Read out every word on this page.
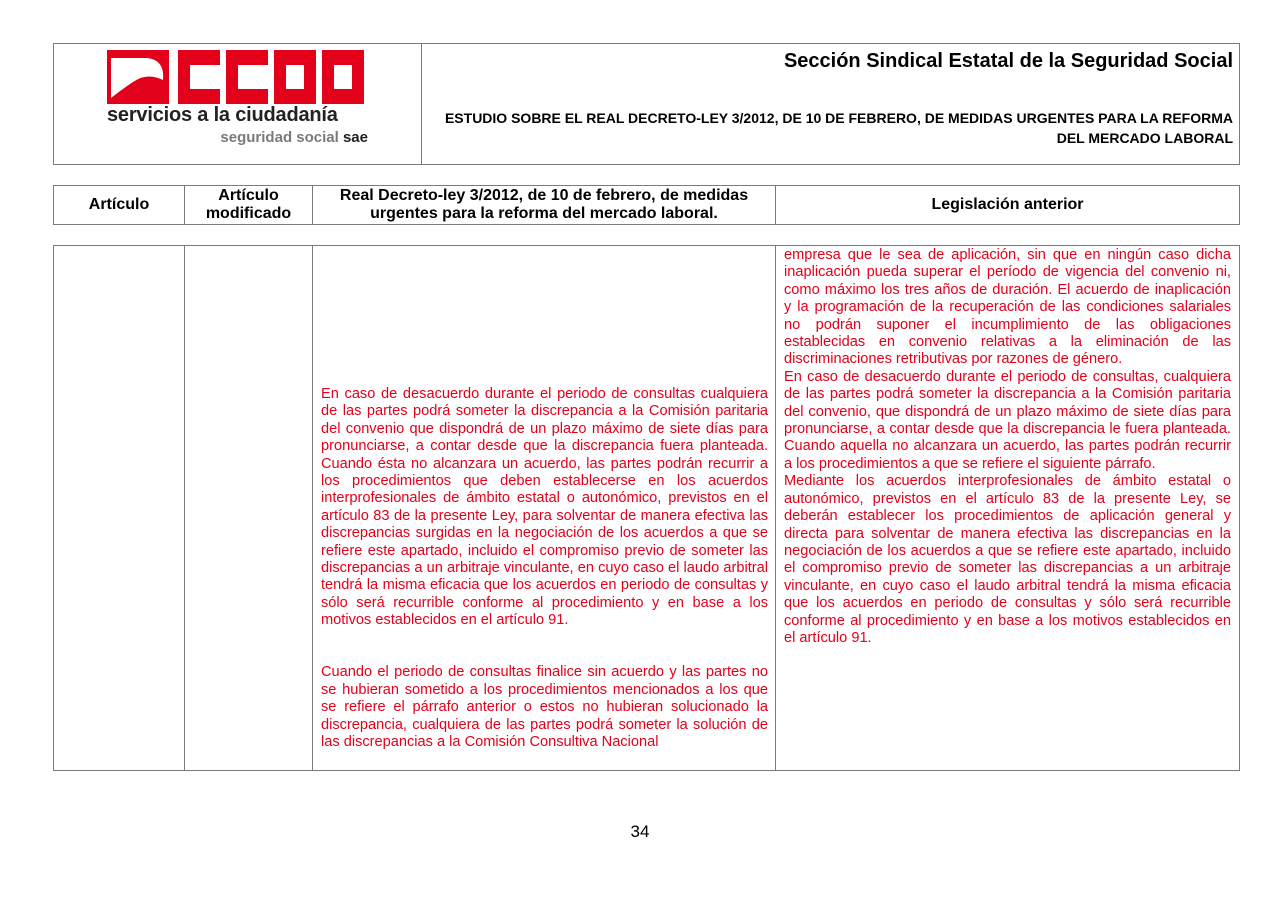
servicios a la ciudadanía
seguridad social sae
Sección Sindical Estatal de la Seguridad Social
ESTUDIO SOBRE EL REAL DECRETO-LEY 3/2012, DE 10 DE FEBRERO, DE MEDIDAS URGENTES PARA LA REFORMA DEL MERCADO LABORAL
Artículo
Artículo modificado
Real Decreto-ley 3/2012, de 10 de febrero, de medidas urgentes para la reforma del mercado laboral.
Legislación anterior

En caso de desacuerdo durante el periodo de consultas cualquiera de las partes podrá someter la discrepancia a la Comisión paritaria del convenio que dispondrá de un plazo máximo de siete días para pronunciarse, a contar desde que la discrepancia fuera planteada. Cuando ésta no alcanzara un acuerdo, las partes podrán recurrir a los procedimientos que deben establecerse en los acuerdos interprofesionales de ámbito estatal o autonómico, previstos en el artículo 83 de la presente Ley, para solventar de manera efectiva las discrepancias surgidas en la negociación de los acuerdos a que se refiere este apartado, incluido el compromiso previo de someter las discrepancias a un arbitraje vinculante, en cuyo caso el laudo arbitral tendrá la misma eficacia que los acuerdos en periodo de consultas y sólo será recurrible conforme al procedimiento y en base a los motivos establecidos en el artículo 91.

Cuando el periodo de consultas finalice sin acuerdo y las partes no se hubieran sometido a los procedimientos mencionados a los que se refiere el párrafo anterior o estos no hubieran solucionado la discrepancia, cualquiera de las partes podrá someter la solución de las discrepancias a la Comisión Consultiva Nacional

empresa que le sea de aplicación, sin que en ningún caso dicha inaplicación pueda superar el período de vigencia del convenio ni, como máximo los tres años de duración. El acuerdo de inaplicación y la programación de la recuperación de las condiciones salariales no podrán suponer el incumplimiento de las obligaciones establecidas en convenio relativas a la eliminación de las discriminaciones retributivas por razones de género.

En caso de desacuerdo durante el periodo de consultas, cualquiera de las partes podrá someter la discrepancia a la Comisión paritaria del convenio, que dispondrá de un plazo máximo de siete días para pronunciarse, a contar desde que la discrepancia le fuera planteada. Cuando aquella no alcanzara un acuerdo, las partes podrán recurrir a los procedimientos a que se refiere el siguiente párrafo.

Mediante los acuerdos interprofesionales de ámbito estatal o autonómico, previstos en el artículo 83 de la presente Ley, se deberán establecer los procedimientos de aplicación general y directa para solventar de manera efectiva las discrepancias en la negociación de los acuerdos a que se refiere este apartado, incluido el compromiso previo de someter las discrepancias a un arbitraje vinculante, en cuyo caso el laudo arbitral tendrá la misma eficacia que los acuerdos en periodo de consultas y sólo será recurrible conforme al procedimiento y en base a los motivos establecidos en el artículo 91.

34
